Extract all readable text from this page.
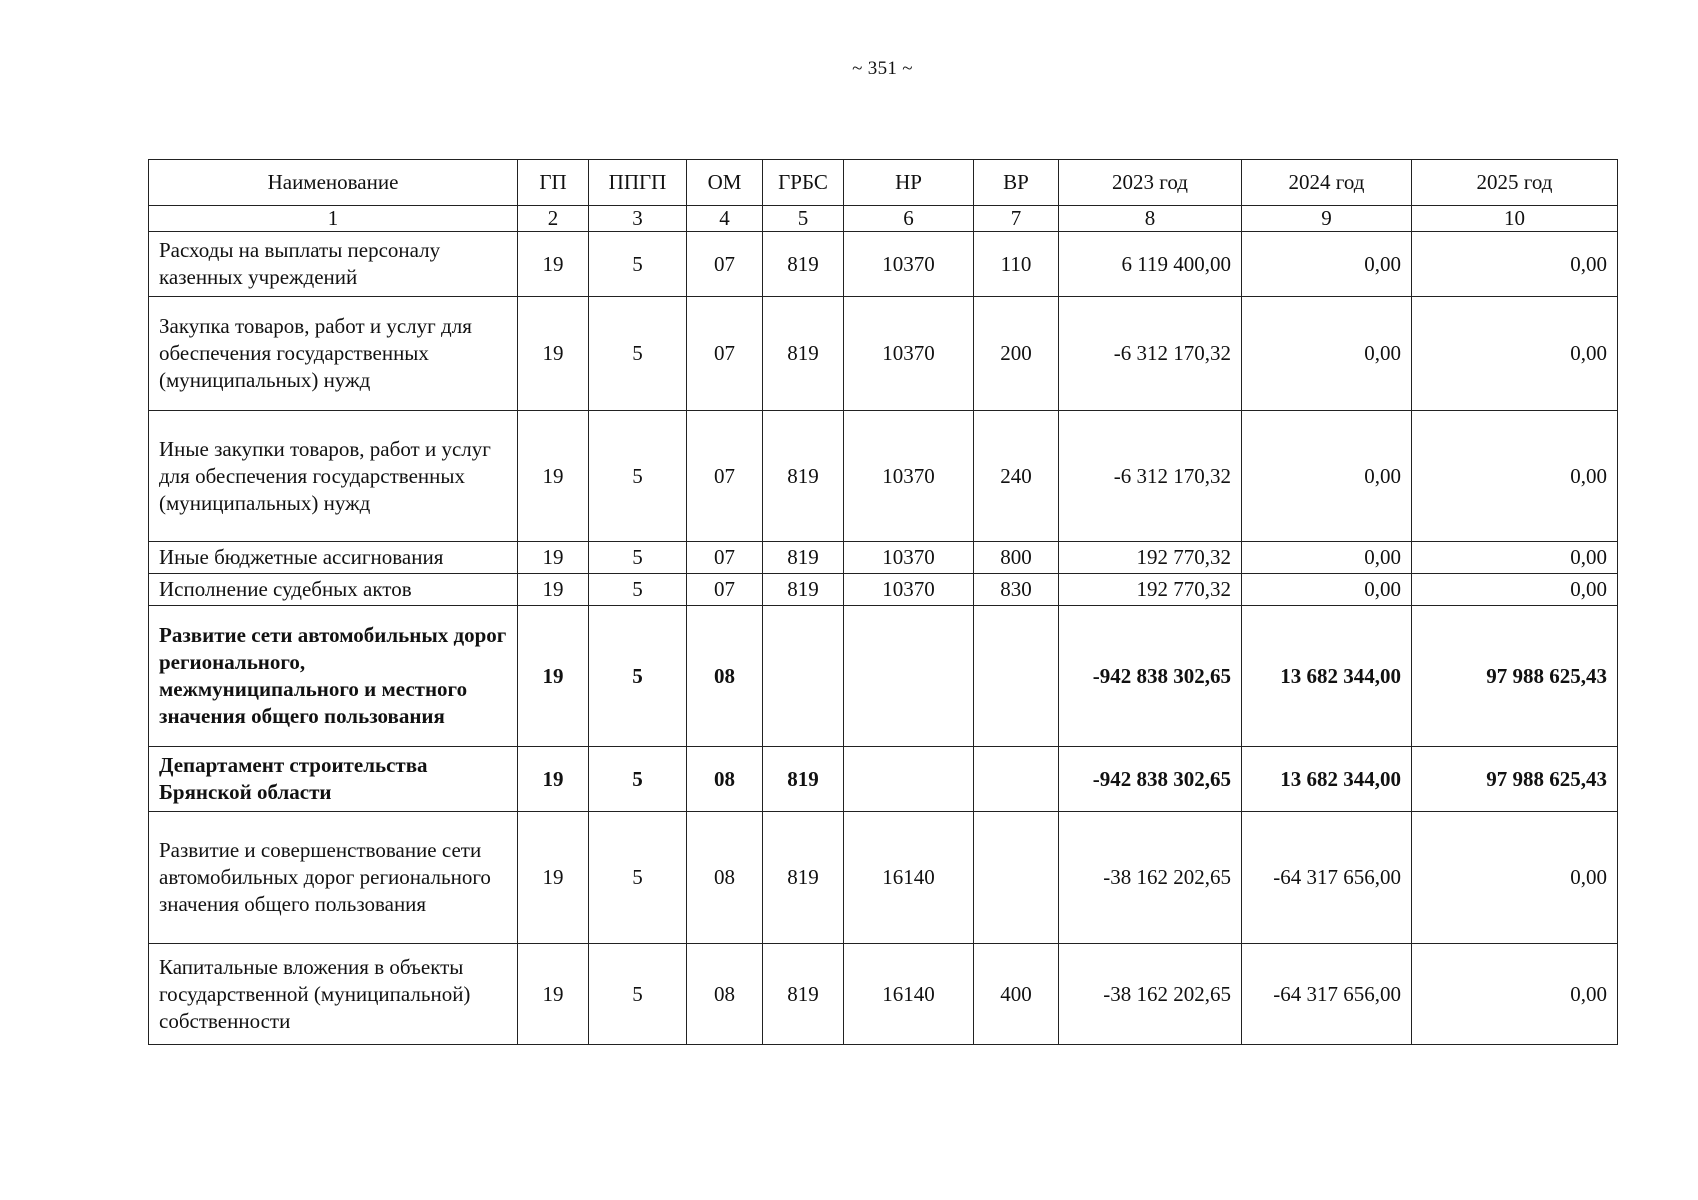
~ 351 ~
Наименование	ГП	ППГП	ОМ	ГРБС	НР	ВР	2023 год	2024 год	2025 год
1	2	3	4	5	6	7	8	9	10
Расходы на выплаты персоналу казенных учреждений	19	5	07	819	10370	110	6 119 400,00	0,00	0,00
Закупка товаров, работ и услуг для обеспечения государственных (муниципальных) нужд	19	5	07	819	10370	200	-6 312 170,32	0,00	0,00
Иные закупки товаров, работ и услуг для обеспечения государственных (муниципальных) нужд	19	5	07	819	10370	240	-6 312 170,32	0,00	0,00
Иные бюджетные ассигнования	19	5	07	819	10370	800	192 770,32	0,00	0,00
Исполнение судебных актов	19	5	07	819	10370	830	192 770,32	0,00	0,00
Развитие сети автомобильных дорог регионального, межмуниципального и местного значения общего пользования	19	5	08				-942 838 302,65	13 682 344,00	97 988 625,43
Департамент строительства Брянской области	19	5	08	819			-942 838 302,65	13 682 344,00	97 988 625,43
Развитие и совершенствование сети автомобильных дорог регионального значения общего пользования	19	5	08	819	16140		-38 162 202,65	-64 317 656,00	0,00
Капитальные вложения в объекты государственной (муниципальной) собственности	19	5	08	819	16140	400	-38 162 202,65	-64 317 656,00	0,00
